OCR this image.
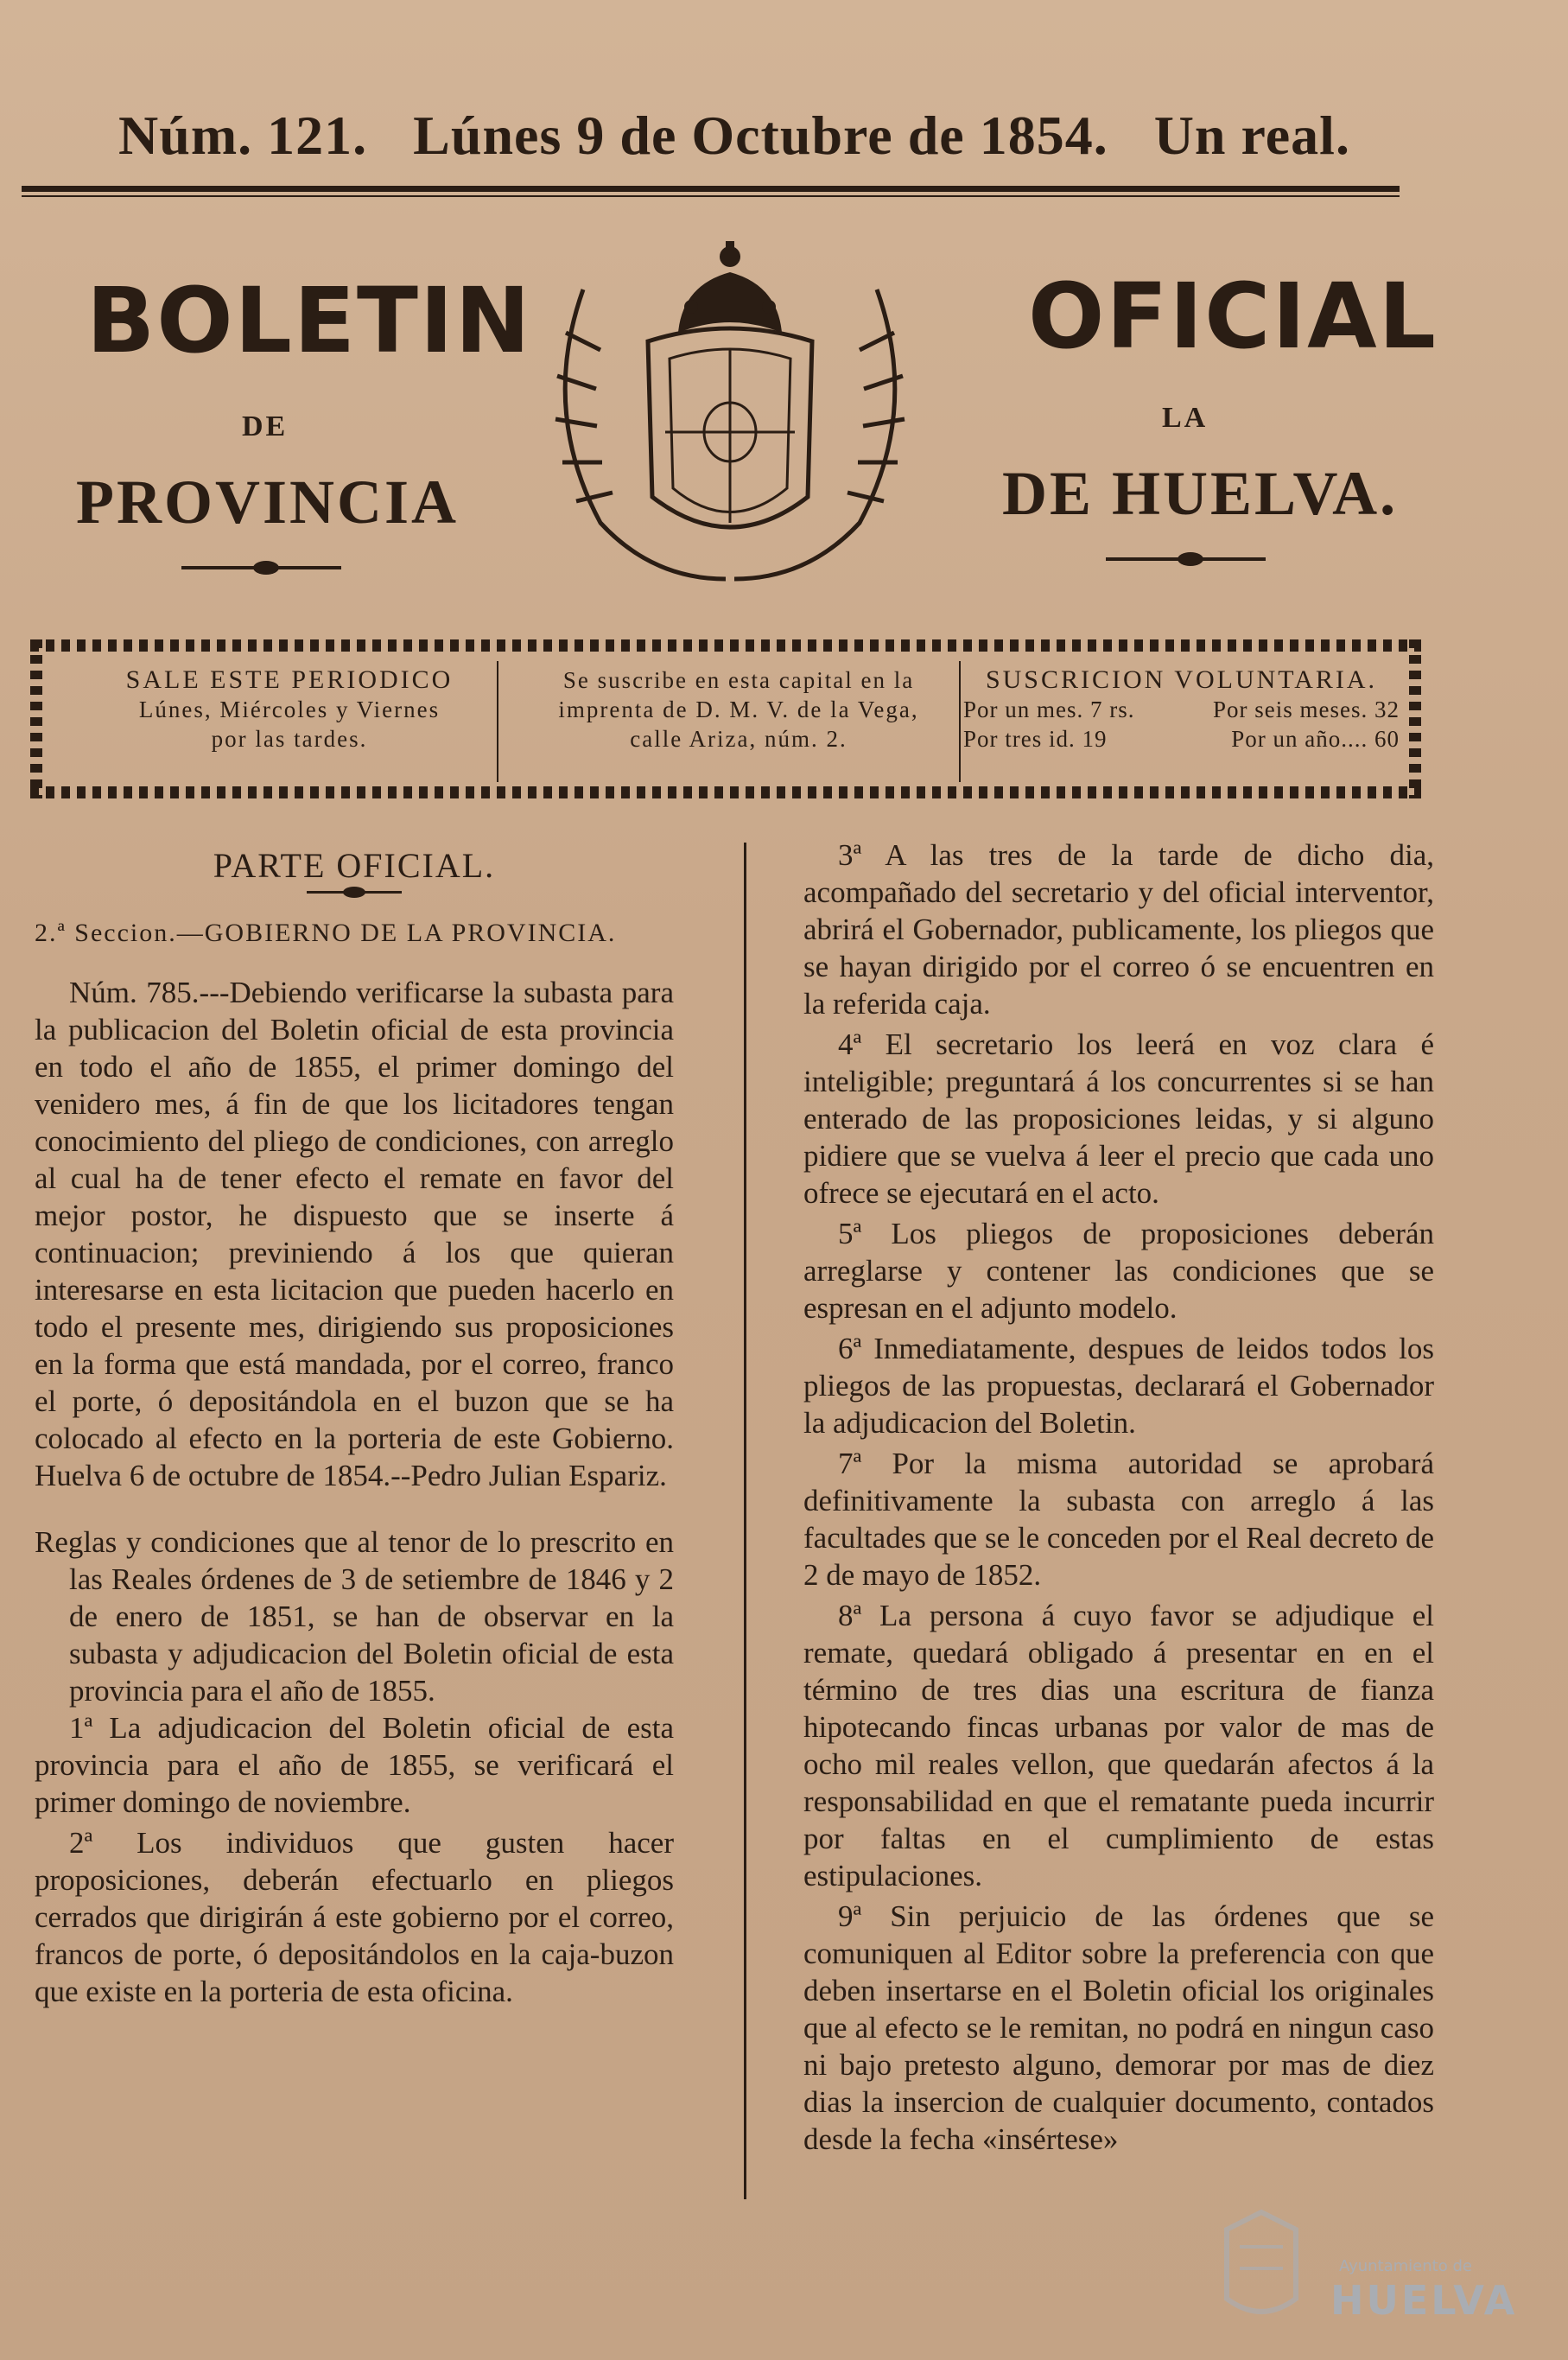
Núm. 121. Lúnes 9 de Octubre de 1854. Un real.
BOLETIN	OFICIAL
DE	LA
PROVINCIA	DE HUELVA.
SALE ESTE PERIODICO
Lúnes, Miércoles y Viernes
por las tardes.
Se suscribe en esta capital en la
imprenta de D. M. V. de la Vega,
calle Ariza, núm. 2.
SUSCRICION VOLUNTARIA.
Por un mes. 7 rs.	Por seis meses. 32
Por tres id. 19	Por un año.... 60

PARTE OFICIAL.

2.ª Seccion.—GOBIERNO DE LA PROVINCIA.

Núm. 785.---Debiendo verificarse la subasta para la publicacion del Boletin oficial de esta provincia en todo el año de 1855, el primer domingo del venidero mes, á fin de que los licitadores tengan conocimiento del pliego de condiciones, con arreglo al cual ha de tener efecto el remate en favor del mejor postor, he dispuesto que se inserte á continuacion; previniendo á los que quieran interesarse en esta licitacion que pueden hacerlo en todo el presente mes, dirigiendo sus proposiciones en la forma que está mandada, por el correo, franco el porte, ó depositándola en el buzon que se ha colocado al efecto en la porteria de este Gobierno. Huelva 6 de octubre de 1854.--Pedro Julian Espariz.

Reglas y condiciones que al tenor de lo prescrito en las Reales órdenes de 3 de setiembre de 1846 y 2 de enero de 1851, se han de observar en la subasta y adjudicacion del Boletin oficial de esta provincia para el año de 1855.

1ª La adjudicacion del Boletin oficial de esta provincia para el año de 1855, se verificará el primer domingo de noviembre.

2ª Los individuos que gusten hacer proposiciones, deberán efectuarlo en pliegos cerrados que dirigirán á este gobierno por el correo, francos de porte, ó depositándolos en la caja-buzon que existe en la porteria de esta oficina.

3ª A las tres de la tarde de dicho dia, acompañado del secretario y del oficial interventor, abrirá el Gobernador, publicamente, los pliegos que se hayan dirigido por el correo ó se encuentren en la referida caja.

4ª El secretario los leerá en voz clara é inteligible; preguntará á los concurrentes si se han enterado de las proposiciones leidas, y si alguno pidiere que se vuelva á leer el precio que cada uno ofrece se ejecutará en el acto.

5ª Los pliegos de proposiciones deberán arreglarse y contener las condiciones que se espresan en el adjunto modelo.

6ª Inmediatamente, despues de leidos todos los pliegos de las propuestas, declarará el Gobernador la adjudicacion del Boletin.

7ª Por la misma autoridad se aprobará definitivamente la subasta con arreglo á las facultades que se le conceden por el Real decreto de 2 de mayo de 1852.

8ª La persona á cuyo favor se adjudique el remate, quedará obligado á presentar en en el término de tres dias una escritura de fianza hipotecando fincas urbanas por valor de mas de ocho mil reales vellon, que quedarán afectos á la responsabilidad en que el rematante pueda incurrir por faltas en el cumplimiento de estas estipulaciones.

9ª Sin perjuicio de las órdenes que se comuniquen al Editor sobre la preferencia con que deben insertarse en el Boletin oficial los originales que al efecto se le remitan, no podrá en ningun caso ni bajo pretesto alguno, demorar por mas de diez dias la insercion de cualquier documento, contados desde la fecha «insértese»

Ayuntamiento de
HUELVA
